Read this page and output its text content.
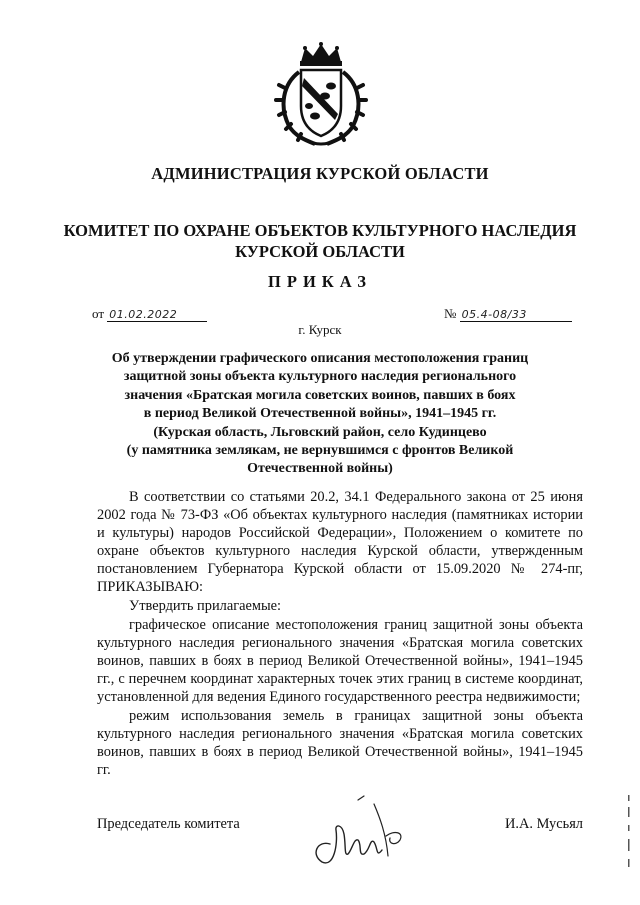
АДМИНИСТРАЦИЯ КУРСКОЙ ОБЛАСТИ
КОМИТЕТ ПО ОХРАНЕ ОБЪЕКТОВ КУЛЬТУРНОГО НАСЛЕДИЯ
КУРСКОЙ ОБЛАСТИ
ПРИКАЗ
от 01.02.2022	№ 05.4-08/33
г. Курск
Об утверждении графического описания местоположения границ
защитной зоны объекта культурного наследия регионального
значения «Братская могила советских воинов, павших в боях
в период Великой Отечественной войны», 1941–1945 гг.
(Курская область, Льговский район, село Кудинцево
(у памятника землякам, не вернувшимся с фронтов Великой
Отечественной войны)

В соответствии со статьями 20.2, 34.1 Федерального закона от 25 июня 2002 года № 73-ФЗ «Об объектах культурного наследия (памятниках истории и культуры) народов Российской Федерации», Положением о комитете по охране объектов культурного наследия Курской области, утвержденным постановлением Губернатора Курской области от 15.09.2020 № 274-пг, ПРИКАЗЫВАЮ:

Утвердить прилагаемые:

графическое описание местоположения границ защитной зоны объекта культурного наследия регионального значения «Братская могила советских воинов, павших в боях в период Великой Отечественной войны», 1941–1945 гг., с перечнем координат характерных точек этих границ в системе координат, установленной для ведения Единого государственного реестра недвижимости;

режим использования земель в границах защитной зоны объекта культурного наследия регионального значения «Братская могила советских воинов, павших в боях в период Великой Отечественной войны», 1941–1945 гг.

Председатель комитета	И.А. Мусьял
